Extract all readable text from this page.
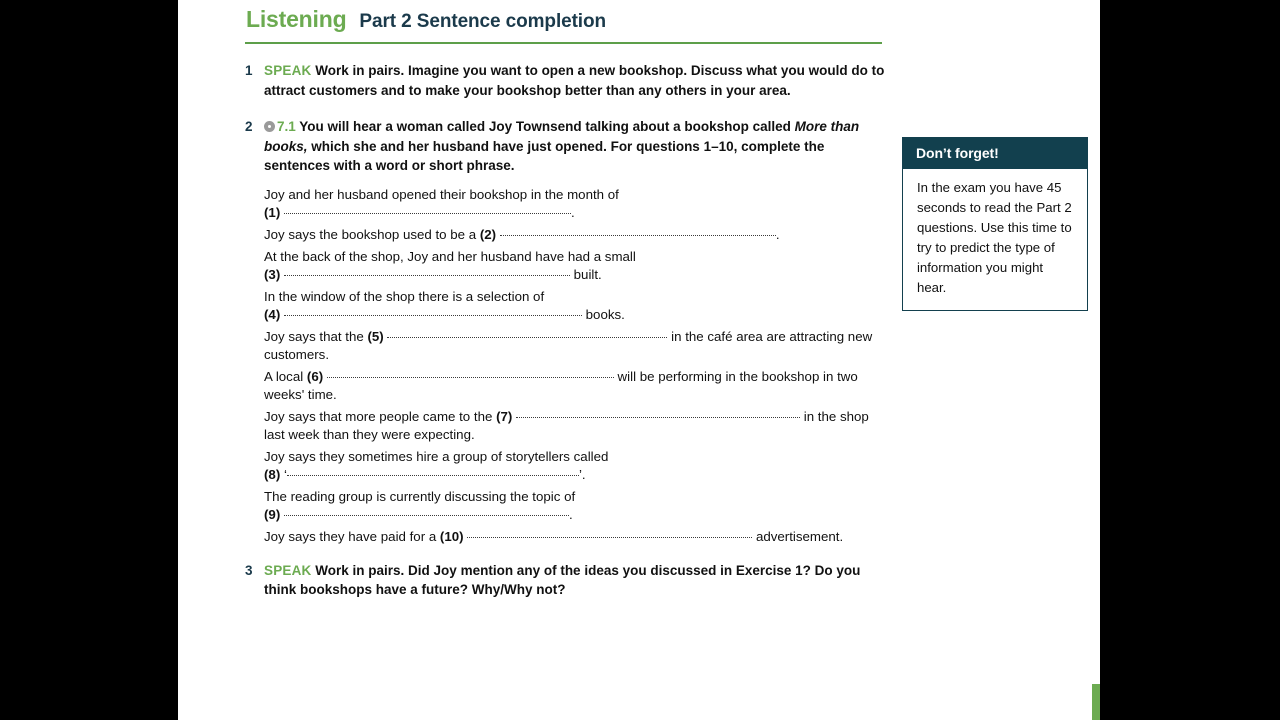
Listening Part 2 Sentence completion
1 SPEAK Work in pairs. Imagine you want to open a new bookshop. Discuss what you would do to attract customers and to make your bookshop better than any others in your area.
2	7.1 You will hear a woman called Joy Townsend talking about a bookshop called More than books, which she and her husband have just opened. For questions 1–10, complete the sentences with a word or short phrase.
Joy and her husband opened their bookshop in the month of
(1)	.
Joy says the bookshop used to be a (2)	.
At the back of the shop, Joy and her husband have had a small
(3)	built.
In the window of the shop there is a selection of
(4)	books.
Joy says that the (5)	in the café area are attracting new customers.
A local (6)	will be performing in the bookshop in two weeks' time.
Joy says that more people came to the (7)	in the shop last week than they were expecting.
Joy says they sometimes hire a group of storytellers called
(8) ‘	’.
The reading group is currently discussing the topic of
(9)	.
Joy says they have paid for a (10)	advertisement.
3 SPEAK Work in pairs. Did Joy mention any of the ideas you discussed in Exercise 1? Do you think bookshops have a future? Why/Why not?
Don’t forget!
In the exam you have 45 seconds to read the Part 2 questions. Use this time to try to predict the type of information you might hear.
